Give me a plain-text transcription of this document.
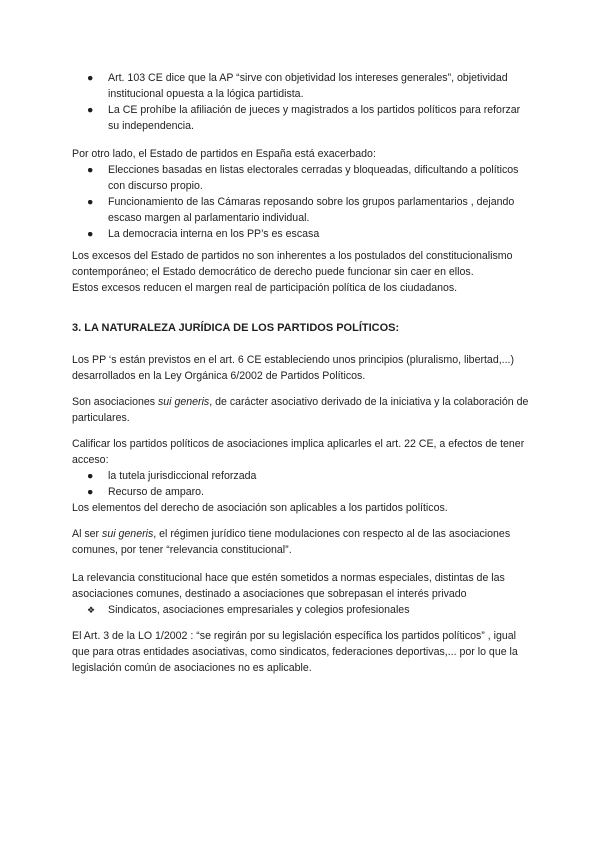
● Art. 103 CE dice que la AP “sirve con objetividad los intereses generales”, objetividad institucional opuesta a la lógica partidista.
● La CE prohíbe la afiliación de jueces y magistrados a los partidos políticos para reforzar su independencia.

Por otro lado, el Estado de partidos en España está exacerbado:

● Elecciones basadas en listas electorales cerradas y bloqueadas, dificultando a políticos con discurso propio.
● Funcionamiento de las Cámaras reposando sobre los grupos parlamentarios , dejando escaso margen al parlamentario individual.
● La democracia interna en los PP’s es escasa

Los excesos del Estado de partidos no son inherentes a los postulados del constitucionalismo contemporáneo; el Estado democrático de derecho puede funcionar sin caer en ellos.

Estos excesos reducen el margen real de participación política de los ciudadanos.

3. LA NATURALEZA JURÍDICA DE LOS PARTIDOS POLÍTICOS:

Los PP ‘s están previstos en el art. 6 CE estableciendo unos principios (pluralismo, libertad,...) desarrollados en la Ley Orgánica 6/2002 de Partidos Políticos.

Son asociaciones sui generis, de carácter asociativo derivado de la iniciativa y la colaboración de particulares.

Calificar los partidos políticos de asociaciones implica aplicarles el art. 22 CE, a efectos de tener acceso:

● la tutela jurisdiccional reforzada
● Recurso de amparo.

Los elementos del derecho de asociación son aplicables a los partidos políticos.

Al ser sui generis, el régimen jurídico tiene modulaciones con respecto al de las asociaciones comunes, por tener “relevancia constitucional”.

La relevancia constitucional hace que estén sometidos a normas especiales, distintas de las asociaciones comunes, destinado a asociaciones que sobrepasan el interés privado

❖ Sindicatos, asociaciones empresariales y colegios profesionales

El Art. 3 de la LO 1/2002 : “se regirán por su legislación específica los partidos políticos” , igual que para otras entidades asociativas, como sindicatos, federaciones deportivas,... por lo que la legislación común de asociaciones no es aplicable.
